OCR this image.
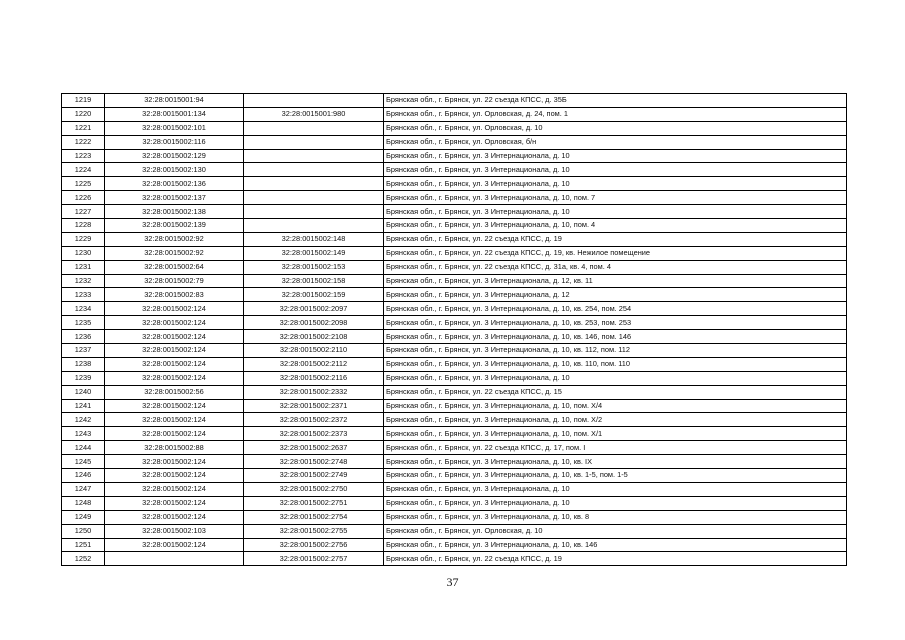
1219	32:28:0015001:94		Брянская обл., г. Брянск, ул. 22 съезда КПСС, д. 35Б
1220	32:28:0015001:134	32:28:0015001:980	Брянская обл., г. Брянск, ул. Орловская, д. 24, пом. 1
1221	32:28:0015002:101		Брянская обл., г. Брянск, ул. Орловская, д. 10
1222	32:28:0015002:116		Брянская обл., г. Брянск, ул. Орловская, б/н
1223	32:28:0015002:129		Брянская обл., г. Брянск, ул. 3 Интернационала, д. 10
1224	32:28:0015002:130		Брянская обл., г. Брянск, ул. 3 Интернационала, д. 10
1225	32:28:0015002:136		Брянская обл., г. Брянск, ул. 3 Интернационала, д. 10
1226	32:28:0015002:137		Брянская обл., г. Брянск, ул. 3 Интернационала, д. 10, пом. 7
1227	32:28:0015002:138		Брянская обл., г. Брянск, ул. 3 Интернационала, д. 10
1228	32:28:0015002:139		Брянская обл., г. Брянск, ул. 3 Интернационала, д. 10, пом. 4
1229	32:28:0015002:92	32:28:0015002:148	Брянская обл., г. Брянск, ул. 22 съезда КПСС, д. 19
1230	32:28:0015002:92	32:28:0015002:149	Брянская обл., г. Брянск, ул. 22 съезда КПСС, д. 19, кв. Нежилое помещение
1231	32:28:0015002:64	32:28:0015002:153	Брянская обл., г. Брянск, ул. 22 съезда КПСС, д. 31а, кв. 4, пом. 4
1232	32:28:0015002:79	32:28:0015002:158	Брянская обл., г. Брянск, ул. 3 Интернационала, д. 12, кв. 11
1233	32:28:0015002:83	32:28:0015002:159	Брянская обл., г. Брянск, ул. 3 Интернационала, д. 12
1234	32:28:0015002:124	32:28:0015002:2097	Брянская обл., г. Брянск, ул. 3 Интернационала, д. 10, кв. 254, пом. 254
1235	32:28:0015002:124	32:28:0015002:2098	Брянская обл., г. Брянск, ул. 3 Интернационала, д. 10, кв. 253, пом. 253
1236	32:28:0015002:124	32:28:0015002:2108	Брянская обл., г. Брянск, ул. 3 Интернационала, д. 10, кв. 146, пом. 146
1237	32:28:0015002:124	32:28:0015002:2110	Брянская обл., г. Брянск, ул. 3 Интернационала, д. 10, кв. 112, пом. 112
1238	32:28:0015002:124	32:28:0015002:2112	Брянская обл., г. Брянск, ул. 3 Интернационала, д. 10, кв. 110, пом. 110
1239	32:28:0015002:124	32:28:0015002:2116	Брянская обл., г. Брянск, ул. 3 Интернационала, д. 10
1240	32:28:0015002:56	32:28:0015002:2332	Брянская обл., г. Брянск, ул. 22 съезда КПСС, д. 15
1241	32:28:0015002:124	32:28:0015002:2371	Брянская обл., г. Брянск, ул. 3 Интернационала, д. 10, пом. X/4
1242	32:28:0015002:124	32:28:0015002:2372	Брянская обл., г. Брянск, ул. 3 Интернационала, д. 10, пом. X/2
1243	32:28:0015002:124	32:28:0015002:2373	Брянская обл., г. Брянск, ул. 3 Интернационала, д. 10, пом. X/1
1244	32:28:0015002:88	32:28:0015002:2637	Брянская обл., г. Брянск, ул. 22 съезда КПСС, д. 17, пом. I
1245	32:28:0015002:124	32:28:0015002:2748	Брянская обл., г. Брянск, ул. 3 Интернационала, д. 10, кв. IX
1246	32:28:0015002:124	32:28:0015002:2749	Брянская обл., г. Брянск, ул. 3 Интернационала, д. 10, кв. 1-5, пом. 1-5
1247	32:28:0015002:124	32:28:0015002:2750	Брянская обл., г. Брянск, ул. 3 Интернационала, д. 10
1248	32:28:0015002:124	32:28:0015002:2751	Брянская обл., г. Брянск, ул. 3 Интернационала, д. 10
1249	32:28:0015002:124	32:28:0015002:2754	Брянская обл., г. Брянск, ул. 3 Интернационала, д. 10, кв. 8
1250	32:28:0015002:103	32:28:0015002:2755	Брянская обл., г. Брянск, ул. Орловская, д. 10
1251	32:28:0015002:124	32:28:0015002:2756	Брянская обл., г. Брянск, ул. 3 Интернационала, д. 10, кв. 146
1252		32:28:0015002:2757	Брянская обл., г. Брянск, ул. 22 съезда КПСС, д. 19
37
